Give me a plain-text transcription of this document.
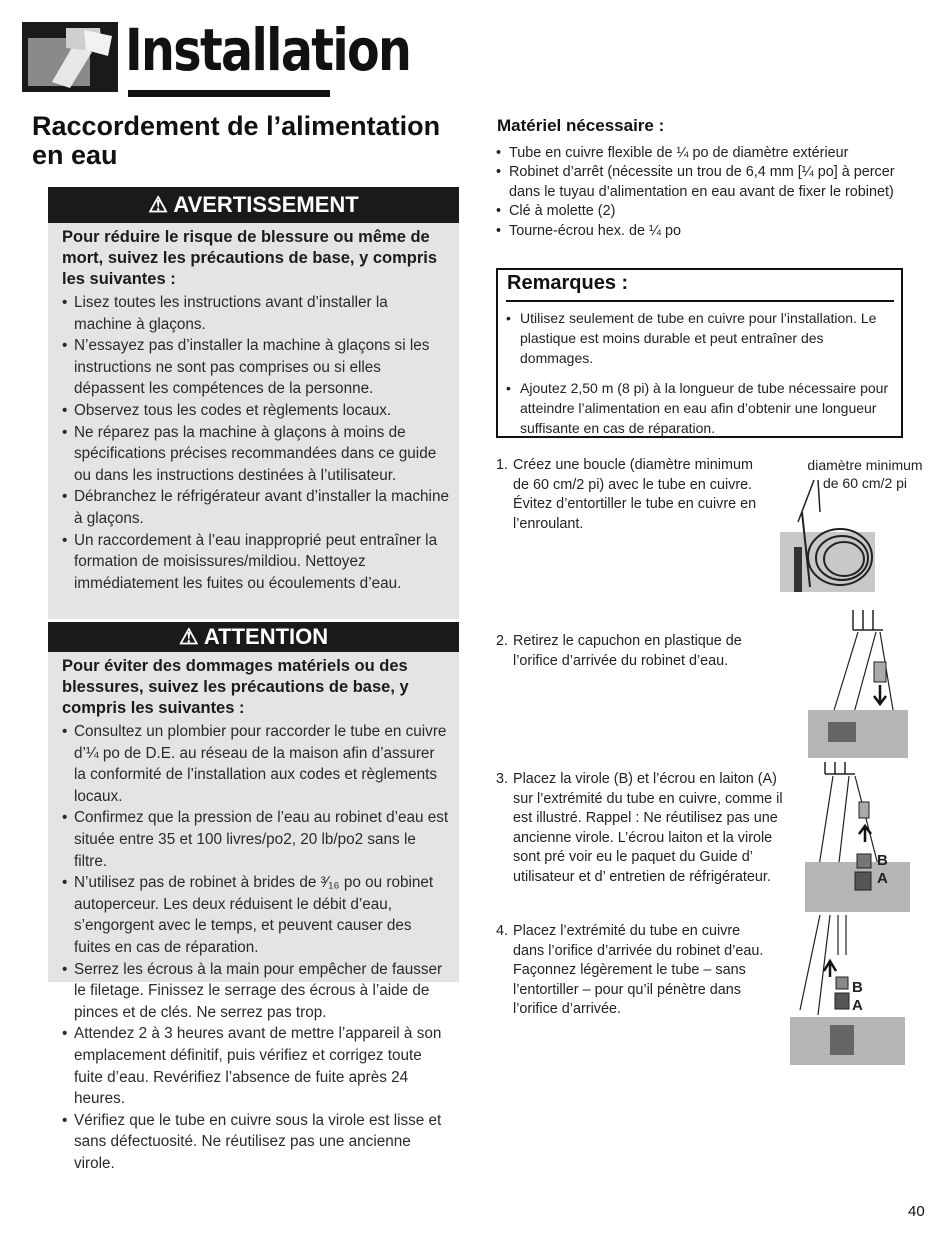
Installation
Raccordement de l’alimentation en eau
⚠ AVERTISSEMENT
Pour réduire le risque de blessure ou même de mort, suivez les précautions de base, y compris les suivantes :
• Lisez toutes les instructions avant d’installer la machine à glaçons.
• N’essayez pas d’installer la machine à glaçons si les instructions ne sont pas comprises ou si elles dépassent les compétences de la personne.
• Observez tous les codes et règlements locaux.
• Ne réparez pas la machine à glaçons à moins de spécifications précises recommandées dans ce guide ou dans les instructions destinées à l’utilisateur.
• Débranchez le réfrigérateur avant d’installer la machine à glaçons.
• Un raccordement à l’eau inapproprié peut entraîner la formation de moisissures/mildiou. Nettoyez immédiatement les fuites ou écoulements d’eau.
⚠ ATTENTION
Pour éviter des dommages matériels ou des blessures, suivez les précautions de base, y compris les suivantes :
• Consultez un plombier pour raccorder le tube en cuivre d’¼ po de D.E. au réseau de la maison afin d’assurer la conformité de l’installation aux codes et règlements locaux.
• Confirmez que la pression de l’eau au robinet d’eau est située entre 35 et 100 livres/po2, 20 lb/po2 sans le filtre.
• N’utilisez pas de robinet à brides de ³⁄₁₆ po ou robinet autoperceur. Les deux réduisent le débit d’eau, s’engorgent avec le temps, et peuvent causer des fuites en cas de réparation.
• Serrez les écrous à la main pour empêcher de fausser le filetage. Finissez le serrage des écrous à l’aide de pinces et de clés. Ne serrez pas trop.
• Attendez 2 à 3 heures avant de mettre l’appareil à son emplacement définitif, puis vérifiez et corrigez toute fuite d’eau. Revérifiez l’absence de fuite après 24 heures.
• Vérifiez que le tube en cuivre sous la virole est lisse et sans défectuosité. Ne réutilisez pas une ancienne virole.
Matériel nécessaire :
• Tube en cuivre flexible de ¼ po de diamètre extérieur
• Robinet d’arrêt (nécessite un trou de 6,4 mm [¼ po] à percer dans le tuyau d’alimentation en eau avant de fixer le robinet)
• Clé à molette (2)
• Tourne-écrou hex. de ¼ po
Remarques :
• Utilisez seulement de tube en cuivre pour l’installation. Le plastique est moins durable et peut entraîner des dommages.
• Ajoutez 2,50 m (8 pi) à la longueur de tube nécessaire pour atteindre l’alimentation en eau afin d’obtenir une longueur suffisante en cas de réparation.
1. Créez une boucle (diamètre minimum de 60 cm/2 pi) avec le tube en cuivre. Évitez d’entortiller le tube en cuivre en l’enroulant.
2. Retirez le capuchon en plastique de l’orifice d’arrivée du robinet d’eau.
3. Placez la virole (B) et l’écrou en laiton (A) sur l’extrémité du tube en cuivre, comme il est illustré. Rappel : Ne réutilisez pas une ancienne virole. L’écrou laiton et la virole sont pré voir eu le paquet du Guide d’ utilisateur et d’ entretien de réfrigérateur.
4. Placez l’extrémité du tube en cuivre dans l’orifice d’arrivée du robinet d’eau. Façonnez légèrement le tube – sans l’entortiller – pour qu’il pénètre dans l’orifice d’arrivée.
diamètre minimum de 60 cm/2 pi
B
A
B
A
40
